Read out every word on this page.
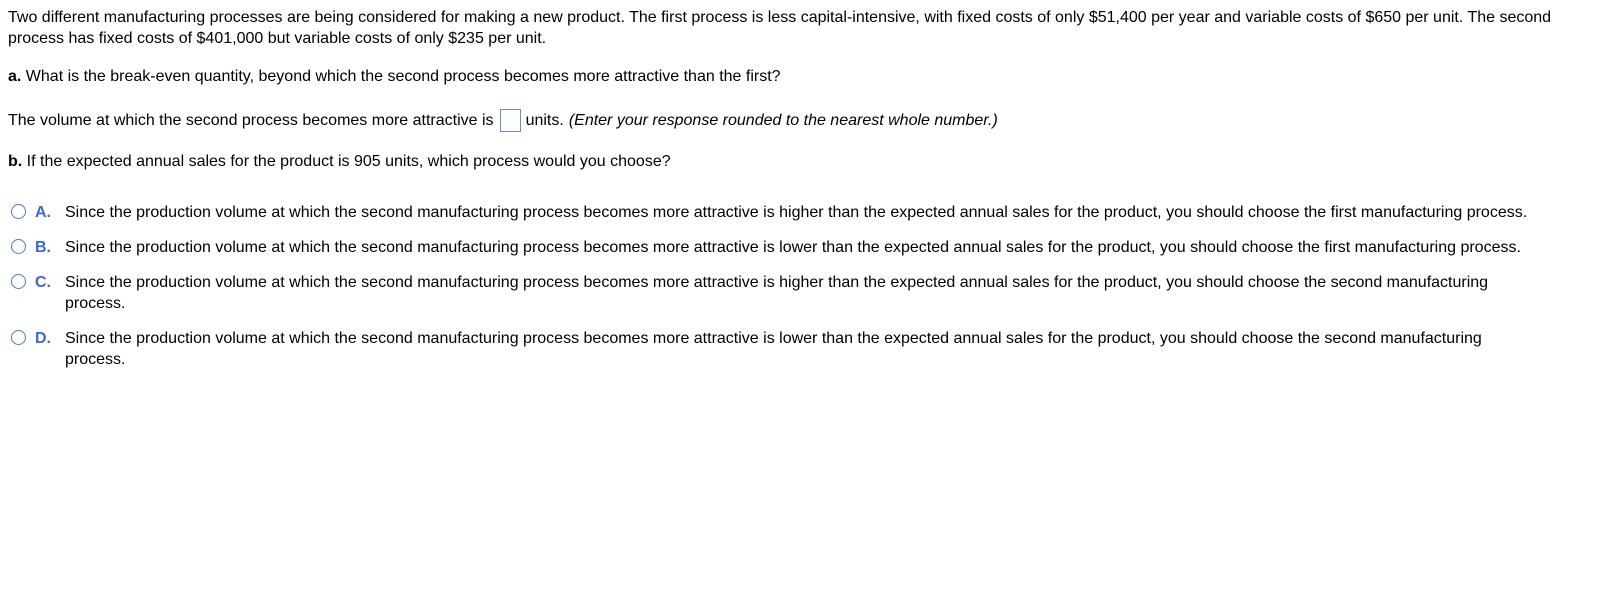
Two different manufacturing processes are being considered for making a new product. The first process is less capital-intensive, with fixed costs of only $51,400 per year and variable costs of $650 per unit. The second process has fixed costs of $401,000 but variable costs of only $235 per unit.

a. What is the break-even quantity, beyond which the second process becomes more attractive than the first?

The volume at which the second process becomes more attractive is units. (Enter your response rounded to the nearest whole number.)

b. If the expected annual sales for the product is 905 units, which process would you choose?

A. Since the production volume at which the second manufacturing process becomes more attractive is higher than the expected annual sales for the product, you should choose the first manufacturing process.
B. Since the production volume at which the second manufacturing process becomes more attractive is lower than the expected annual sales for the product, you should choose the first manufacturing process.
C. Since the production volume at which the second manufacturing process becomes more attractive is higher than the expected annual sales for the product, you should choose the second manufacturing process.
D. Since the production volume at which the second manufacturing process becomes more attractive is lower than the expected annual sales for the product, you should choose the second manufacturing process.
